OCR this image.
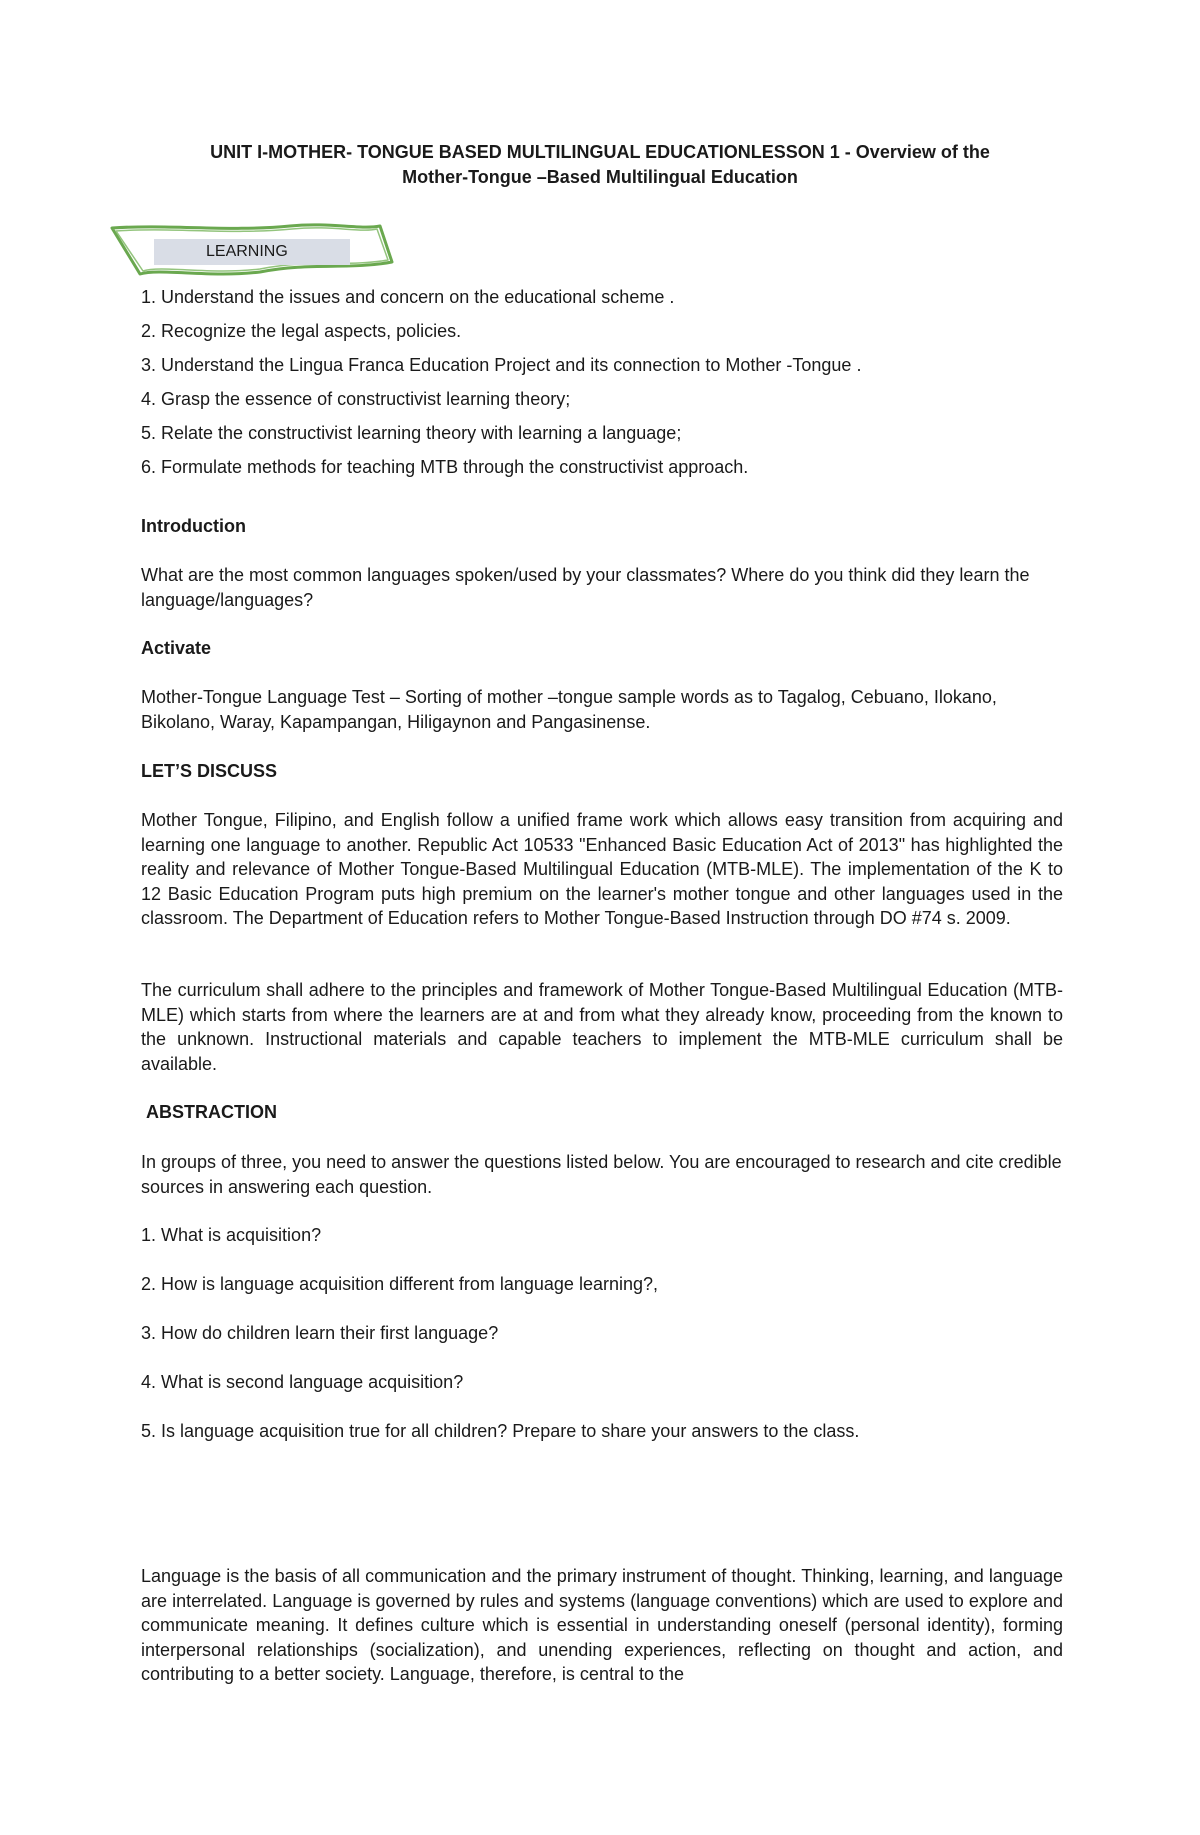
UNIT I-MOTHER- TONGUE BASED MULTILINGUAL EDUCATIONLESSON 1 - Overview of the
Mother-Tongue –Based Multilingual Education
LEARNING
1. Understand the issues and concern on the educational scheme .
2. Recognize the legal aspects, policies.
3. Understand the Lingua Franca Education Project and its connection to Mother -Tongue .
4. Grasp the essence of constructivist learning theory;
5. Relate the constructivist learning theory with learning a language;
6. Formulate methods for teaching MTB through the constructivist approach.

Introduction

What are the most common languages spoken/used by your classmates? Where do you think did they learn the language/languages?

Activate

Mother-Tongue Language Test – Sorting of mother –tongue sample words as to Tagalog, Cebuano, Ilokano, Bikolano, Waray, Kapampangan, Hiligaynon and Pangasinense.

LET’S DISCUSS

Mother Tongue, Filipino, and English follow a unified frame work which allows easy transition from acquiring and learning one language to another. Republic Act 10533 "Enhanced Basic Education Act of 2013" has highlighted the reality and relevance of Mother Tongue-Based Multilingual Education (MTB-MLE). The implementation of the K to 12 Basic Education Program puts high premium on the learner's mother tongue and other languages used in the classroom. The Department of Education refers to Mother Tongue-Based Instruction through DO #74 s. 2009.

The curriculum shall adhere to the principles and framework of Mother Tongue-Based Multilingual Education (MTB-MLE) which starts from where the learners are at and from what they already know, proceeding from the known to the unknown. Instructional materials and capable teachers to implement the MTB-MLE curriculum shall be available.

ABSTRACTION

In groups of three, you need to answer the questions listed below. You are encouraged to research and cite credible sources in answering each question.

1. What is acquisition?

2. How is language acquisition different from language learning?,

3. How do children learn their first language?

4. What is second language acquisition?

5. Is language acquisition true for all children? Prepare to share your answers to the class.

Language is the basis of all communication and the primary instrument of thought. Thinking, learning, and language are interrelated. Language is governed by rules and systems (language conventions) which are used to explore and communicate meaning. It defines culture which is essential in understanding oneself (personal identity), forming interpersonal relationships (socialization), and unending experiences, reflecting on thought and action, and contributing to a better society. Language, therefore, is central to the
